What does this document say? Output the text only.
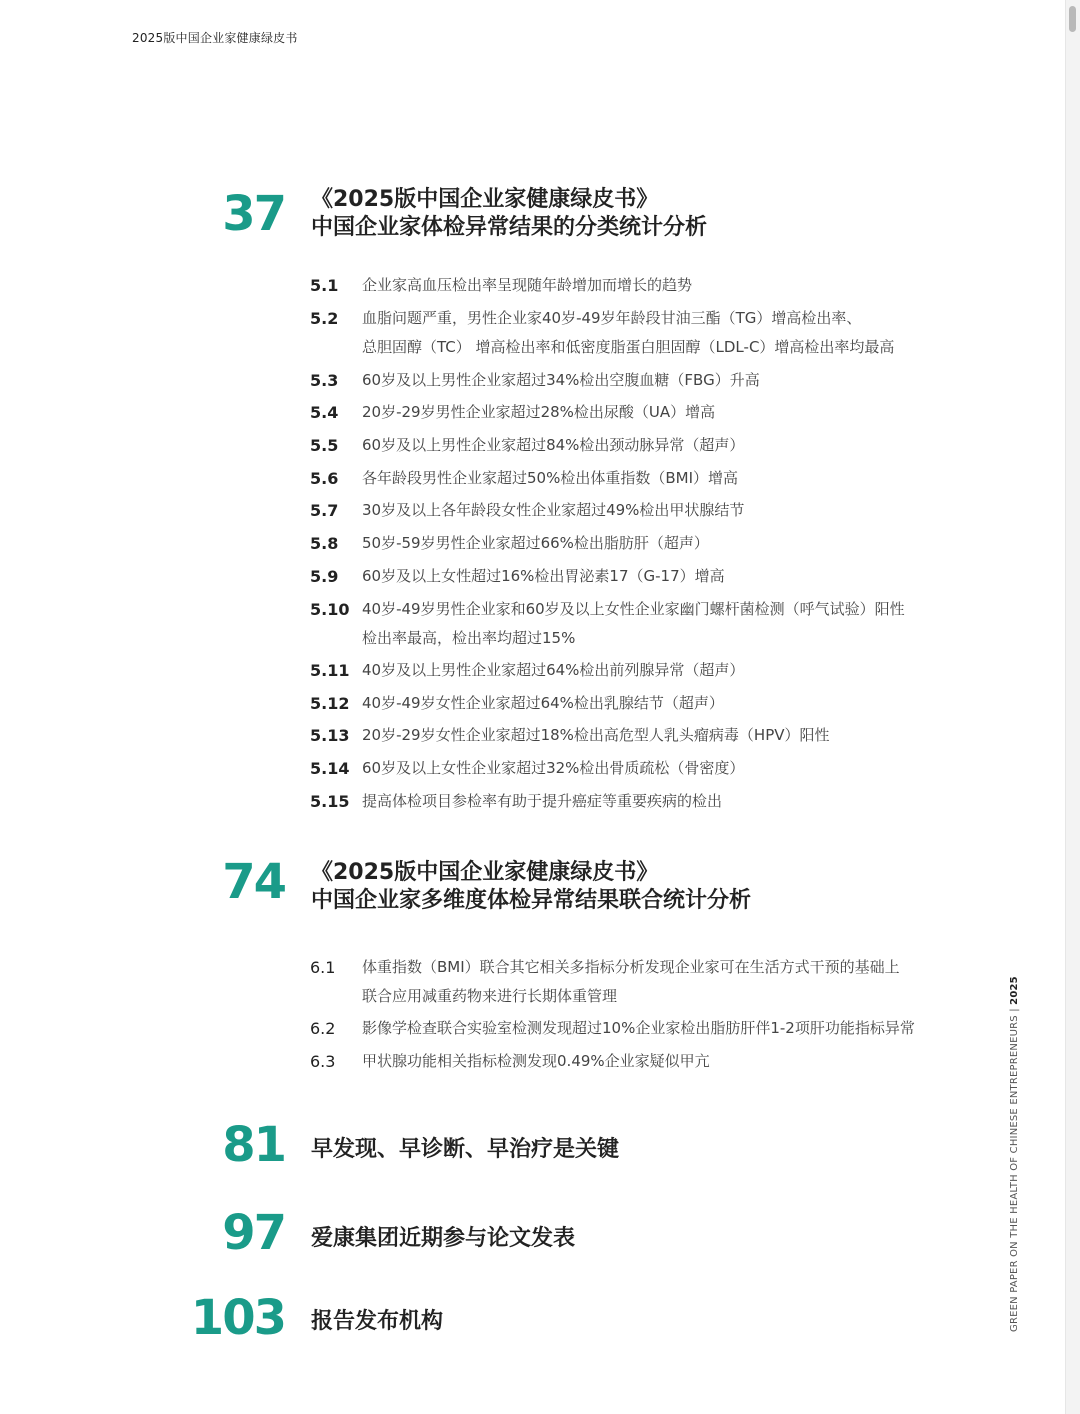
2025版中国企业家健康绿皮书
37 《2025版中国企业家健康绿皮书》
中国企业家体检异常结果的分类统计分析
5.1 企业家高血压检出率呈现随年龄增加而增长的趋势
5.2 血脂问题严重，男性企业家40岁-49岁年龄段甘油三酯（TG）增高检出率、
总胆固醇（TC） 增高检出率和低密度脂蛋白胆固醇（LDL-C）增高检出率均最高
5.3 60岁及以上男性企业家超过34%检出空腹血糖（FBG）升高
5.4 20岁-29岁男性企业家超过28%检出尿酸（UA）增高
5.5 60岁及以上男性企业家超过84%检出颈动脉异常（超声）
5.6 各年龄段男性企业家超过50%检出体重指数（BMI）增高
5.7 30岁及以上各年龄段女性企业家超过49%检出甲状腺结节
5.8 50岁-59岁男性企业家超过66%检出脂肪肝（超声）
5.9 60岁及以上女性超过16%检出胃泌素17（G-17）增高
5.10 40岁-49岁男性企业家和60岁及以上女性企业家幽门螺杆菌检测（呼气试验）阳性
检出率最高，检出率均超过15%
5.11 40岁及以上男性企业家超过64%检出前列腺异常（超声）
5.12 40岁-49岁女性企业家超过64%检出乳腺结节（超声）
5.13 20岁-29岁女性企业家超过18%检出高危型人乳头瘤病毒（HPV）阳性
5.14 60岁及以上女性企业家超过32%检出骨质疏松（骨密度）
5.15 提高体检项目参检率有助于提升癌症等重要疾病的检出
74 《2025版中国企业家健康绿皮书》
中国企业家多维度体检异常结果联合统计分析
6.1 体重指数（BMI）联合其它相关多指标分析发现企业家可在生活方式干预的基础上
联合应用减重药物来进行长期体重管理
6.2 影像学检查联合实验室检测发现超过10%企业家检出脂肪肝伴1-2项肝功能指标异常
6.3 甲状腺功能相关指标检测发现0.49%企业家疑似甲亢
81 早发现、早诊断、早治疗是关键
97 爱康集团近期参与论文发表
103 报告发布机构	GREEN PAPER ON THE HEALTH OF CHINESE ENTREPRENEURS | 2025
